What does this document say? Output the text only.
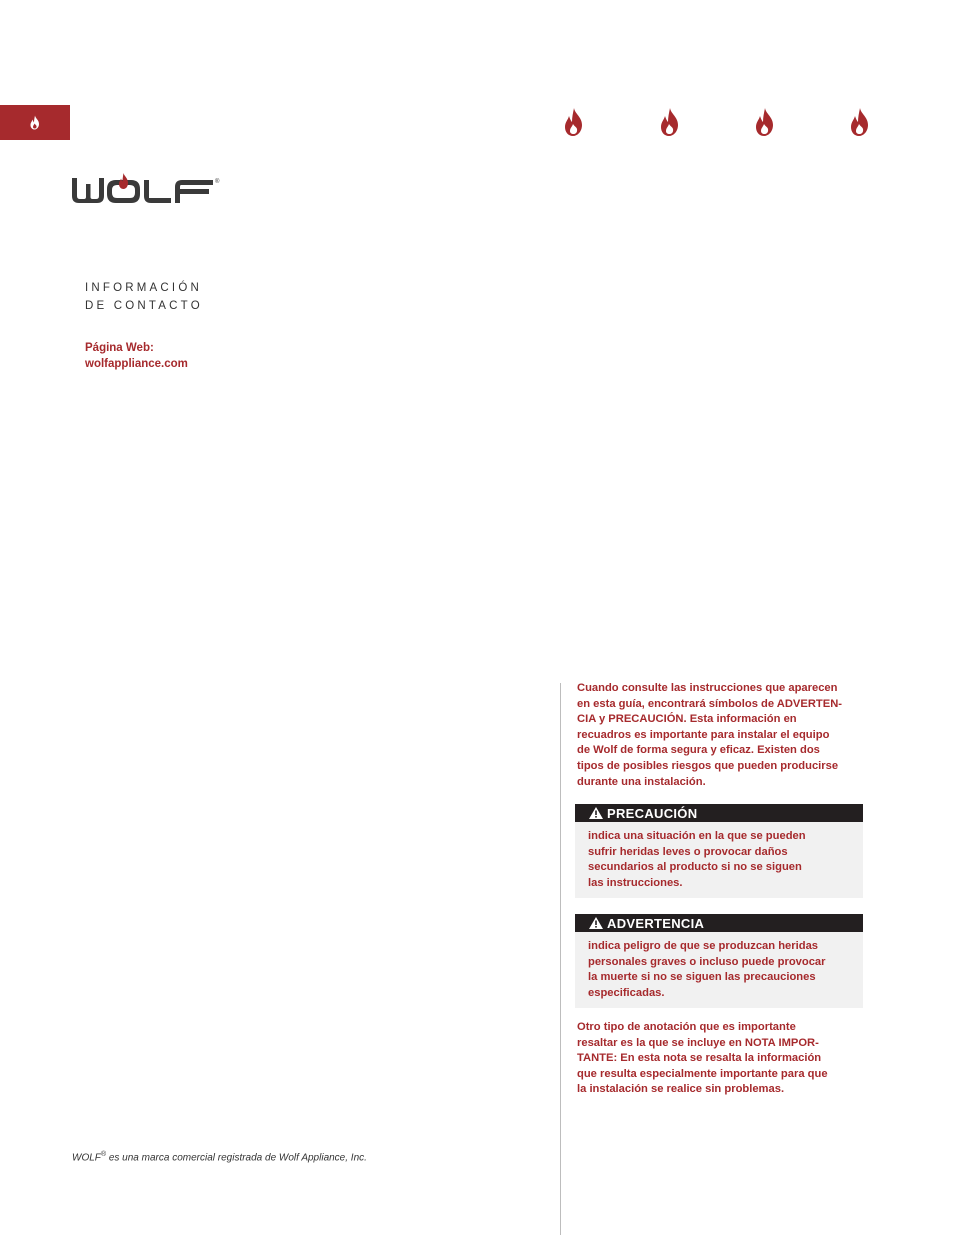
®
INFORMACIÓN
DE CONTACTO
Página Web:
wolfappliance.com
Cuando consulte las instrucciones que aparecen
en esta guía, encontrará símbolos de ADVERTEN-
CIA y PRECAUCIÓN. Esta información en
recuadros es importante para instalar el equipo
de Wolf de forma segura y eficaz. Existen dos
tipos de posibles riesgos que pueden producirse
durante una instalación.
PRECAUCIÓN
indica una situación en la que se pueden
sufrir heridas leves o provocar daños
secundarios al producto si no se siguen
las instrucciones.
ADVERTENCIA
indica peligro de que se produzcan heridas
personales graves o incluso puede provocar
la muerte si no se siguen las precauciones
especificadas.
Otro tipo de anotación que es importante
resaltar es la que se incluye en NOTA IMPOR-
TANTE: En esta nota se resalta la información
que resulta especialmente importante para que
la instalación se realice sin problemas.
WOLF® es una marca comercial registrada de Wolf Appliance, Inc.
